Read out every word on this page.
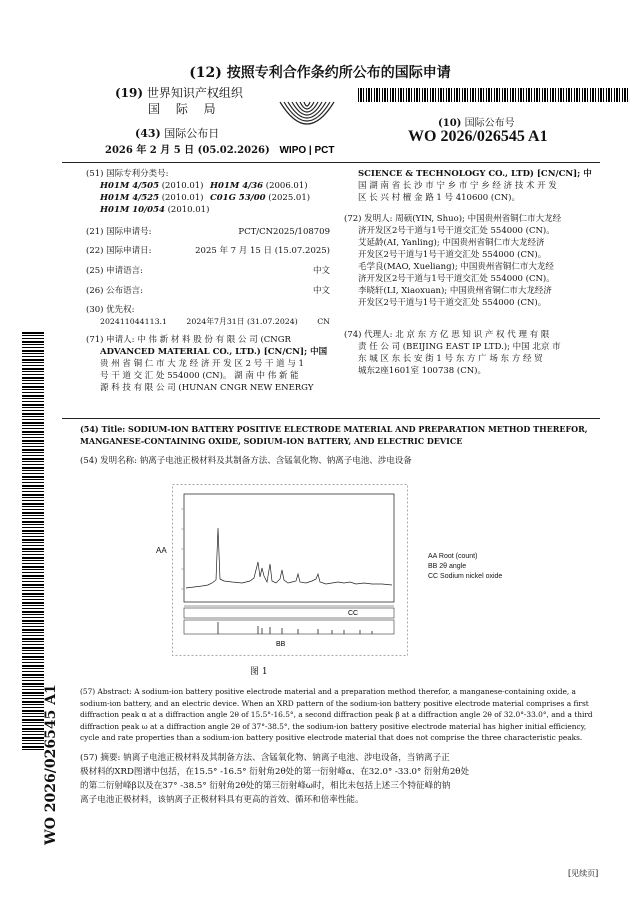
(12) 按照专利合作条约所公布的国际申请
(19) 世界知识产权组织
国 际 局
(43) 国际公布日
2026 年 2 月 5 日 (05.02.2026)
(10) 国际公布号
WO 2026/026545 A1
WIPO | PCT
(51) 国际专利分类号:
H01M 4/505 (2010.01) H01M 4/36 (2006.01)
H01M 4/525 (2010.01) C01G 53/00 (2025.01)
H01M 10/054 (2010.01)
(21) 国际申请号:	PCT/CN2025/108709
(22) 国际申请日:	2025 年 7 月 15 日 (15.07.2025)
(25) 申请语言:	中文
(26) 公布语言:	中文
(30) 优先权:
202411044113.1 2024年7月31日 (31.07.2024) CN
(71) 申请人: 中 伟 新 材 料 股 份 有 限 公 司 (CNGR
ADVANCED MATERIAL CO., LTD.) [CN/CN]; 中国
贵 州 省 铜 仁 市 大 龙 经 济 开 发 区 2 号 干 道 与 1
号 干 道 交 汇 处 554000 (CN)。 湖 南 中 伟 新 能
源 科 技 有 限 公 司 (HUNAN CNGR NEW ENERGY
SCIENCE & TECHNOLOGY CO., LTD) [CN/CN]; 中
国 湖 南 省 长 沙 市 宁 乡 市 宁 乡 经 济 技 术 开 发
区 长 兴 村 檀 金 路 1 号 410600 (CN)。
(72) 发明人: 周硕(YIN, Shuo); 中国贵州省铜仁市大龙经
济开发区2号干道与1号干道交汇处 554000 (CN)。
艾延龄(AI, Yanling); 中国贵州省铜仁市大龙经济
开发区2号干道与1号干道交汇处 554000 (CN)。
毛学良(MAO, Xueliang); 中国贵州省铜仁市大龙经
济开发区2号干道与1号干道交汇处 554000 (CN)。
李晓轩(LI, Xiaoxuan); 中国贵州省铜仁市大龙经济
开发区2号干道与1号干道交汇处 554000 (CN)。
(74) 代理人: 北 京 东 方 亿 思 知 识 产 权 代 理 有 限
责 任 公 司 (BEIJING EAST IP LTD.); 中国 北京 市
东 城 区 东 长 安 街 1 号 东 方 广 场 东 方 经 贸
城东2座1601室 100738 (CN)。
WO 2026/026545 A1
(54) Title: SODIUM-ION BATTERY POSITIVE ELECTRODE MATERIAL AND PREPARATION METHOD THEREFOR,
MANGANESE-CONTAINING OXIDE, SODIUM-ION BATTERY, AND ELECTRIC DEVICE
(54) 发明名称: 钠离子电池正极材料及其制备方法、含锰氧化物、钠离子电池、涉电设备
AA
CC
BB
AA Root (count)
BB 2θ angle
CC Sodium nickel oxide
图 1
(57) Abstract: A sodium-ion battery positive electrode material and a preparation method therefor, a manganese-containing oxide, a
sodium-ion battery, and an electric device. When an XRD pattern of the sodium-ion battery positive electrode material comprises a first
diffraction peak α at a diffraction angle 2θ of 15.5°-16.5°, a second diffraction peak β at a diffraction angle 2θ of 32.0°-33.0°, and a third
diffraction peak ω at a diffraction angle 2θ of 37°-38.5°, the sodium-ion battery positive electrode material has higher initial efficiency,
cycle and rate properties than a sodium-ion battery positive electrode material that does not comprise the three characteristic peaks.
(57) 摘要: 钠离子电池正极材料及其制备方法、含锰氧化物、钠离子电池、涉电设备，当钠离子正
极材料的XRD图谱中包括，在15.5° -16.5° 衍射角2θ处的第一衍射峰α、在32.0° -33.0° 衍射角2θ处
的第二衍射峰β以及在37° -38.5° 衍射角2θ处的第三衍射峰ω时，相比未包括上述三个特征峰的钠
离子电池正极材料，该钠离子正极材料具有更高的首效、循环和倍率性能。
[见续页]
